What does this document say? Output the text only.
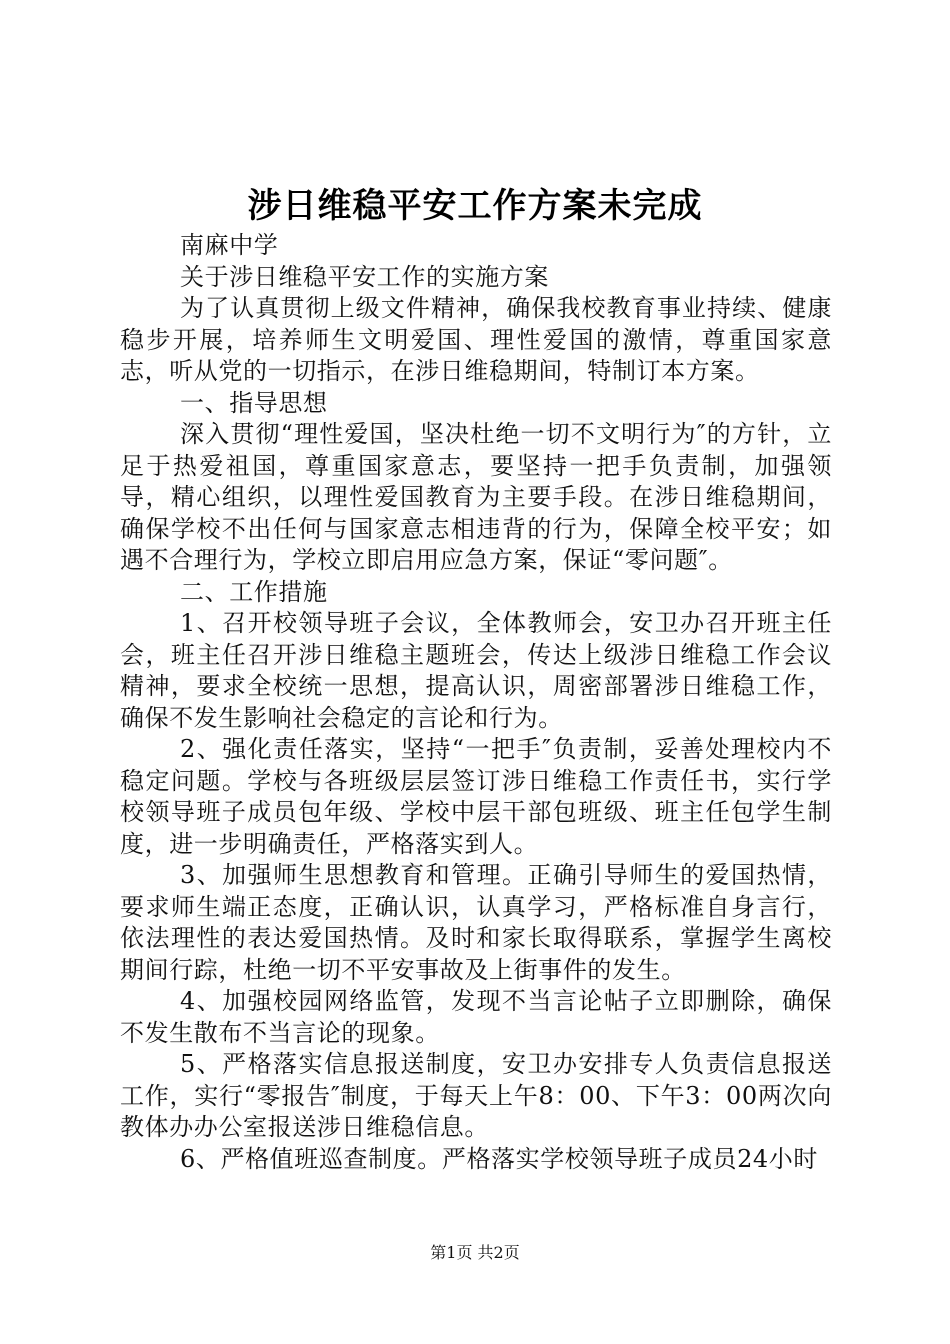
涉日维稳平安工作方案未完成

南麻中学

关于涉日维稳平安工作的实施方案

为了认真贯彻上级文件精神，确保我校教育事业持续、健康稳步开展，培养师生文明爱国、理性爱国的激情，尊重国家意志，听从党的一切指示，在涉日维稳期间，特制订本方案。

一、指导思想

深入贯彻“理性爱国，坚决杜绝一切不文明行为″的方针，立足于热爱祖国，尊重国家意志，要坚持一把手负责制，加强领导，精心组织，以理性爱国教育为主要手段。在涉日维稳期间，确保学校不出任何与国家意志相违背的行为，保障全校平安；如遇不合理行为，学校立即启用应急方案，保证“零问题″。

二、工作措施

1、召开校领导班子会议，全体教师会，安卫办召开班主任会，班主任召开涉日维稳主题班会，传达上级涉日维稳工作会议精神，要求全校统一思想，提高认识，周密部署涉日维稳工作，确保不发生影响社会稳定的言论和行为。

2、强化责任落实，坚持“一把手″负责制，妥善处理校内不稳定问题。学校与各班级层层签订涉日维稳工作责任书，实行学校领导班子成员包年级、学校中层干部包班级、班主任包学生制度，进一步明确责任，严格落实到人。

3、加强师生思想教育和管理。正确引导师生的爱国热情，要求师生端正态度，正确认识，认真学习，严格标准自身言行，依法理性的表达爱国热情。及时和家长取得联系，掌握学生离校期间行踪，杜绝一切不平安事故及上街事件的发生。

4、加强校园网络监管，发现不当言论帖子立即删除，确保不发生散布不当言论的现象。

5、严格落实信息报送制度，安卫办安排专人负责信息报送工作，实行“零报告″制度，于每天上午8：00、下午3：00两次向教体办办公室报送涉日维稳信息。

6、严格值班巡查制度。严格落实学校领导班子成员24小时

第1页 共2页
